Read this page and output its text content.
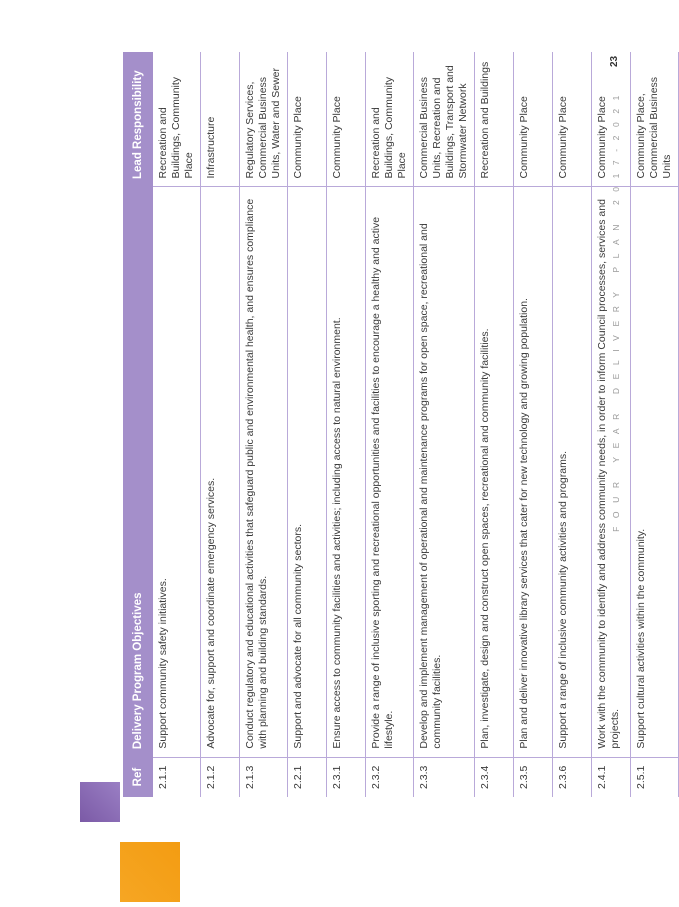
Ref	Delivery Program Objectives	Lead Responsibility
2.1.1	Support community safety initiatives.	Recreation and Buildings, Community Place
2.1.2	Advocate for, support and coordinate emergency services.	Infrastructure
2.1.3	Conduct regulatory and educational activities that safeguard public and environmental health, and ensures compliance with planning and building standards.	Regulatory Services, Commercial Business Units, Water and Sewer
2.2.1	Support and advocate for all community sectors.	Community Place
2.3.1	Ensure access to community facilities and activities; including access to natural environment.	Community Place
2.3.2	Provide a range of inclusive sporting and recreational opportunities and facilities to encourage a healthy and active lifestyle.	Recreation and Buildings, Community Place
2.3.3	Develop and implement management of operational and maintenance programs for open space, recreational and community facilities.	Commercial Business Units, Recreation and Buildings, Transport and Stormwater Network
2.3.4	Plan, investigate, design and construct open spaces, recreational and community facilities.	Recreation and Buildings
2.3.5	Plan and deliver innovative library services that cater for new technology and growing population.	Community Place
2.3.6	Support a range of inclusive community activities and programs.	Community Place
2.4.1	Work with the community to identify and address community needs, in order to inform Council processes, services and projects.	Community Place
2.5.1	Support cultural activities within the community.	Community Place, Commercial Business Units
FOUR YEAR DELIVERY PLAN 2017-2021
23
